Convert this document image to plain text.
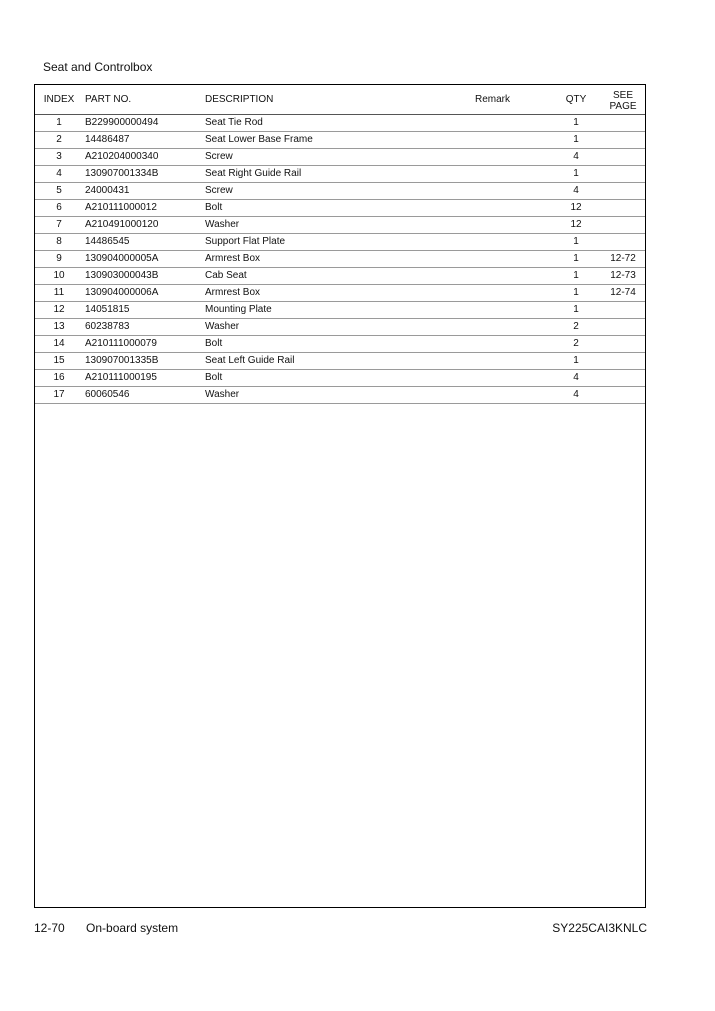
Seat and Controlbox
INDEX	PART NO.	DESCRIPTION	Remark	QTY	SEE
PAGE

1	B229900000494	Seat Tie Rod		1	
2	14486487	Seat Lower Base Frame		1	
3	A210204000340	Screw		4	
4	130907001334B	Seat Right Guide Rail		1	
5	24000431	Screw		4	
6	A210111000012	Bolt		12	
7	A210491000120	Washer		12	
8	14486545	Support Flat Plate		1	
9	130904000005A	Armrest Box		1	12-72
10	130903000043B	Cab Seat		1	12-73
11	130904000006A	Armrest Box		1	12-74
12	14051815	Mounting Plate		1	
13	60238783	Washer		2	
14	A210111000079	Bolt		2	
15	130907001335B	Seat Left Guide Rail		1	
16	A210111000195	Bolt		4	
17	60060546	Washer		4	
12-70 On-board system	SY225CAI3KNLC
